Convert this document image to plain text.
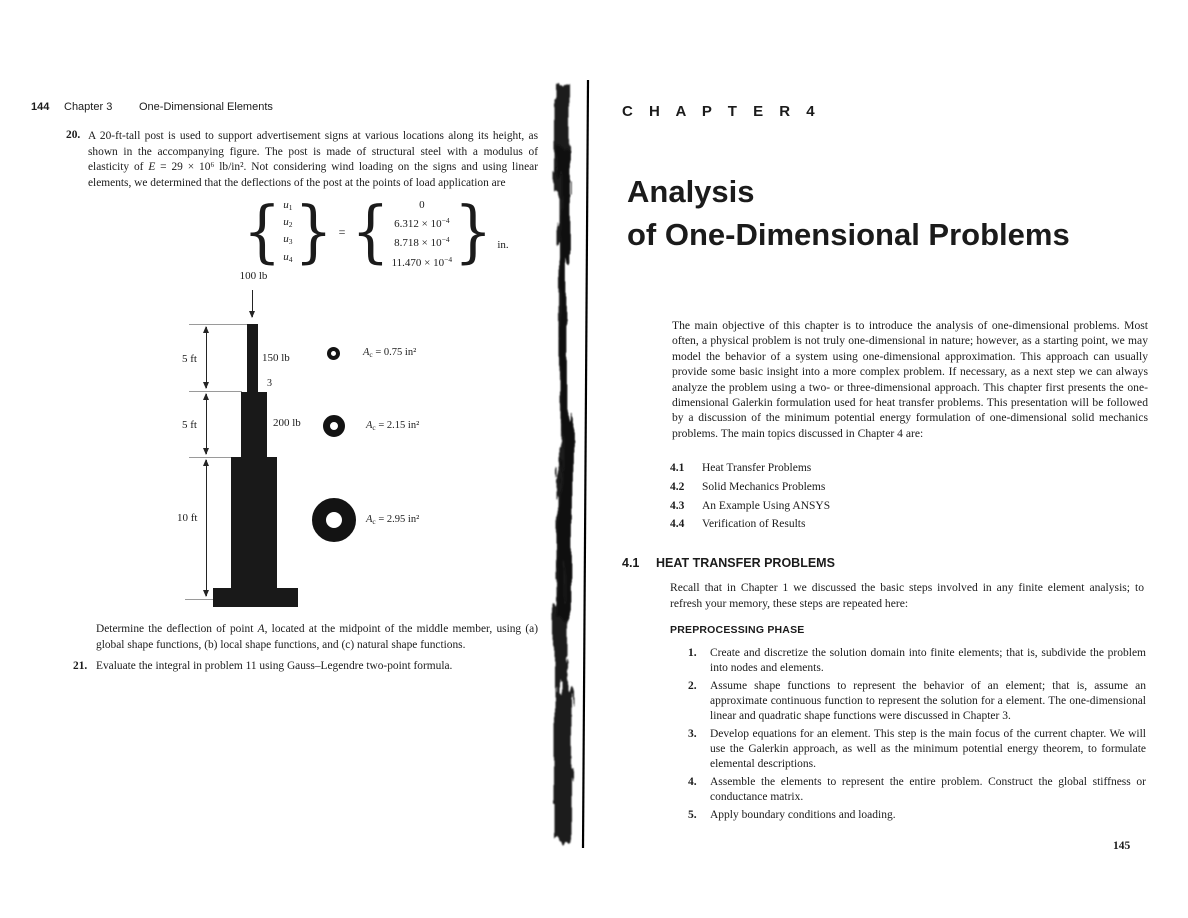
144 Chapter 3 One-Dimensional Elements
20. A 20-ft-tall post is used to support advertisement signs at various locations along its height, as shown in the accompanying figure. The post is made of structural steel with a modulus of elasticity of E = 29 × 10⁶ lb/in². Not considering wind loading on the signs and using linear elements, we determined that the deflections of the post at the points of load application are
{ $u_1$
$u_2$
$u_3$
$u_4$ } = {	0
$6.312 \times 10^{-4}$
$8.718 \times 10^{-4}$
$11.470 \times 10^{-4}$ } in.
100 lb
5 ft
5 ft
10 ft
150 lb
3
200 lb
$A_c = 0.75$ in²
$A_c = 2.15$ in²
$A_c = 2.95$ in²
Determine the deflection of point A, located at the midpoint of the middle member, using (a) global shape functions, (b) local shape functions, and (c) natural shape functions.
21. Evaluate the integral in problem 11 using Gauss–Legendre two-point formula.
C H A P T E R 4
Analysis
of One-Dimensional Problems
The main objective of this chapter is to introduce the analysis of one-dimensional problems. Most often, a physical problem is not truly one-dimensional in nature; however, as a starting point, we may model the behavior of a system using one-dimensional approximation. This approach can usually provide some basic insight into a more complex problem. If necessary, as a next step we can always analyze the problem using a two- or three-dimensional approach. This chapter first presents the one-dimensional Galerkin formulation used for heat transfer problems. This presentation will be followed by a discussion of the minimum potential energy formulation of one-dimensional solid mechanics problems. The main topics discussed in Chapter 4 are:
4.1	Heat Transfer Problems
4.2	Solid Mechanics Problems
4.3	An Example Using ANSYS
4.4	Verification of Results
4.1 HEAT TRANSFER PROBLEMS
Recall that in Chapter 1 we discussed the basic steps involved in any finite element analysis; to refresh your memory, these steps are repeated here:
PREPROCESSING PHASE
1.	Create and discretize the solution domain into finite elements; that is, subdivide the problem into nodes and elements.
2.	Assume shape functions to represent the behavior of an element; that is, assume an approximate continuous function to represent the solution for a element. The one-dimensional linear and quadratic shape functions were discussed in Chapter 3.
3.	Develop equations for an element. This step is the main focus of the current chapter. We will use the Galerkin approach, as well as the minimum potential energy theorem, to formulate elemental descriptions.
4.	Assemble the elements to represent the entire problem. Construct the global stiffness or conductance matrix.
5.	Apply boundary conditions and loading.
145
